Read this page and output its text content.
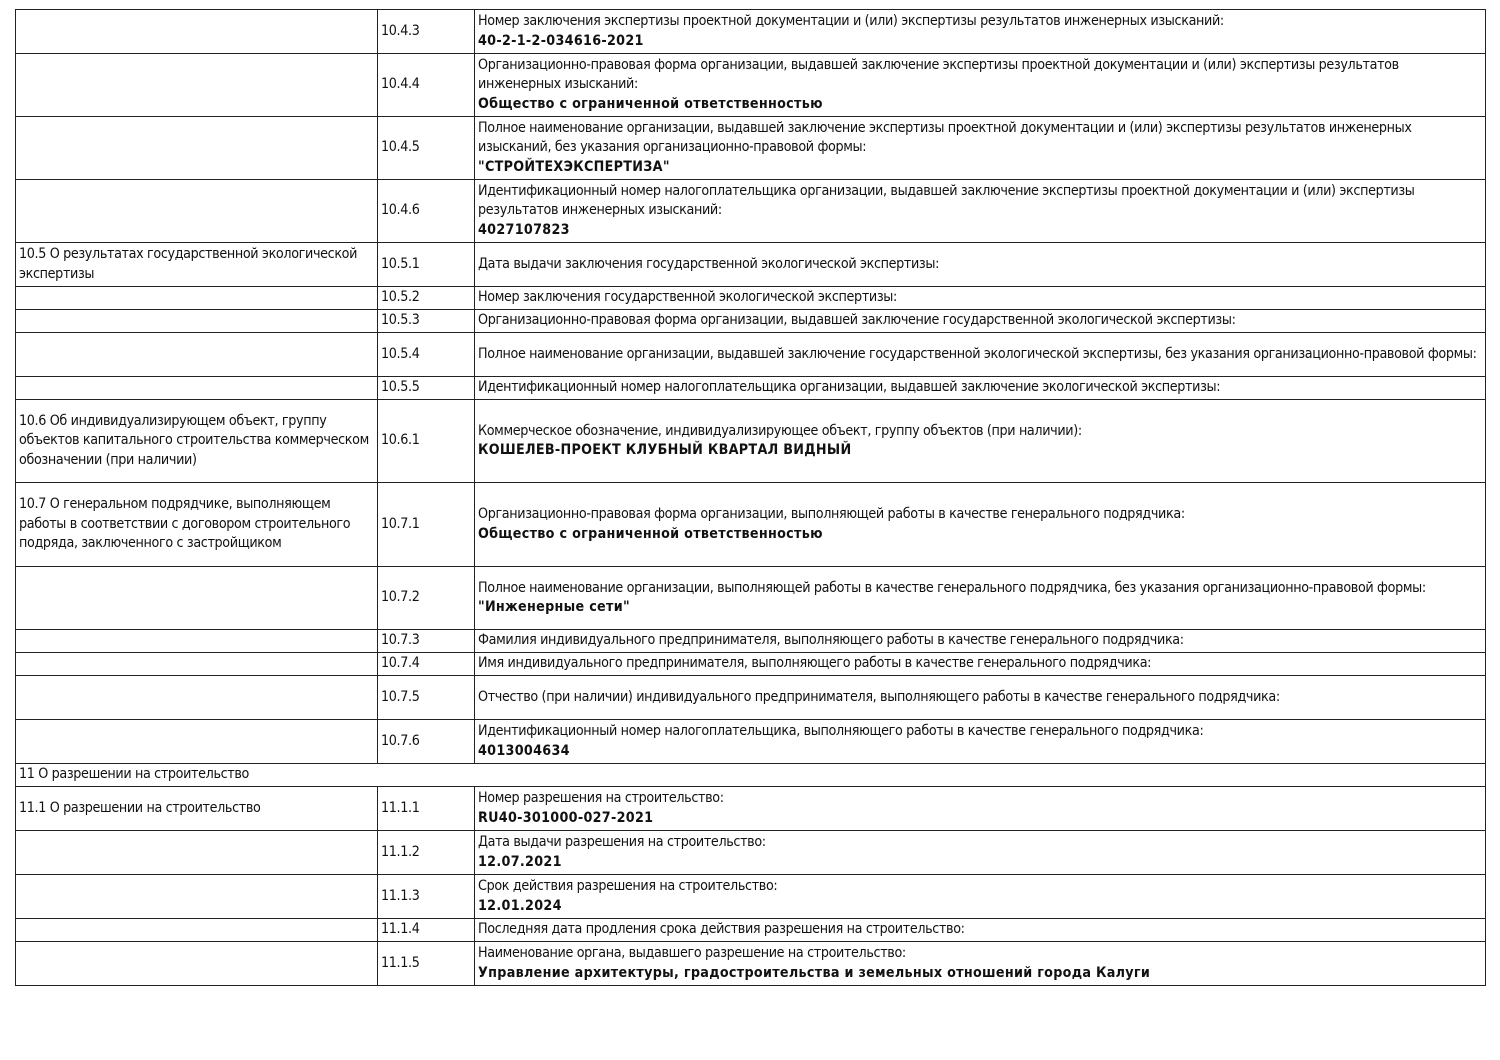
	10.4.3	Номер заключения экспертизы проектной документации и (или) экспертизы результатов инженерных изысканий:
40-2-1-2-034616-2021

	10.4.4	Организационно-правовая форма организации, выдавшей заключение экспертизы проектной документации и (или) экспертизы результатов инженерных изысканий:
Общество с ограниченной ответственностью

	10.4.5	Полное наименование организации, выдавшей заключение экспертизы проектной документации и (или) экспертизы результатов инженерных изысканий, без указания организационно-правовой формы:
"СТРОЙТЕХЭКСПЕРТИЗА"

	10.4.6	Идентификационный номер налогоплательщика организации, выдавшей заключение экспертизы проектной документации и (или) экспертизы результатов инженерных изысканий:
4027107823

10.5 О результатах государственной экологической экспертизы	10.5.1	Дата выдачи заключения государственной экологической экспертизы:

	10.5.2	Номер заключения государственной экологической экспертизы:

	10.5.3	Организационно-правовая форма организации, выдавшей заключение государственной экологической экспертизы:

	10.5.4	Полное наименование организации, выдавшей заключение государственной экологической экспертизы, без указания организационно-правовой формы:

	10.5.5	Идентификационный номер налогоплательщика организации, выдавшей заключение экологической экспертизы:

10.6 Об индивидуализирующем объект, группу объектов капитального строительства коммерческом обозначении (при наличии)	10.6.1	Коммерческое обозначение, индивидуализирующее объект, группу объектов (при наличии):
КОШЕЛЕВ-ПРОЕКТ КЛУБНЫЙ КВАРТАЛ ВИДНЫЙ

10.7 О генеральном подрядчике, выполняющем работы в соответствии с договором строительного подряда, заключенного с застройщиком	10.7.1	Организационно-правовая форма организации, выполняющей работы в качестве генерального подрядчика:
Общество с ограниченной ответственностью

	10.7.2	Полное наименование организации, выполняющей работы в качестве генерального подрядчика, без указания организационно-правовой формы:
"Инженерные сети"

	10.7.3	Фамилия индивидуального предпринимателя, выполняющего работы в качестве генерального подрядчика:

	10.7.4	Имя индивидуального предпринимателя, выполняющего работы в качестве генерального подрядчика:

	10.7.5	Отчество (при наличии) индивидуального предпринимателя, выполняющего работы в качестве генерального подрядчика:

	10.7.6	Идентификационный номер налогоплательщика, выполняющего работы в качестве генерального подрядчика:
4013004634

11 О разрешении на строительство		
11.1 О разрешении на строительство	11.1.1	Номер разрешения на строительство:
RU40-301000-027-2021

	11.1.2	Дата выдачи разрешения на строительство:
12.07.2021

	11.1.3	Срок действия разрешения на строительство:
12.01.2024

	11.1.4	Последняя дата продления срока действия разрешения на строительство:

	11.1.5	Наименование органа, выдавшего разрешение на строительство:
Управление архитектуры, градостроительства и земельных отношений города Калуги
